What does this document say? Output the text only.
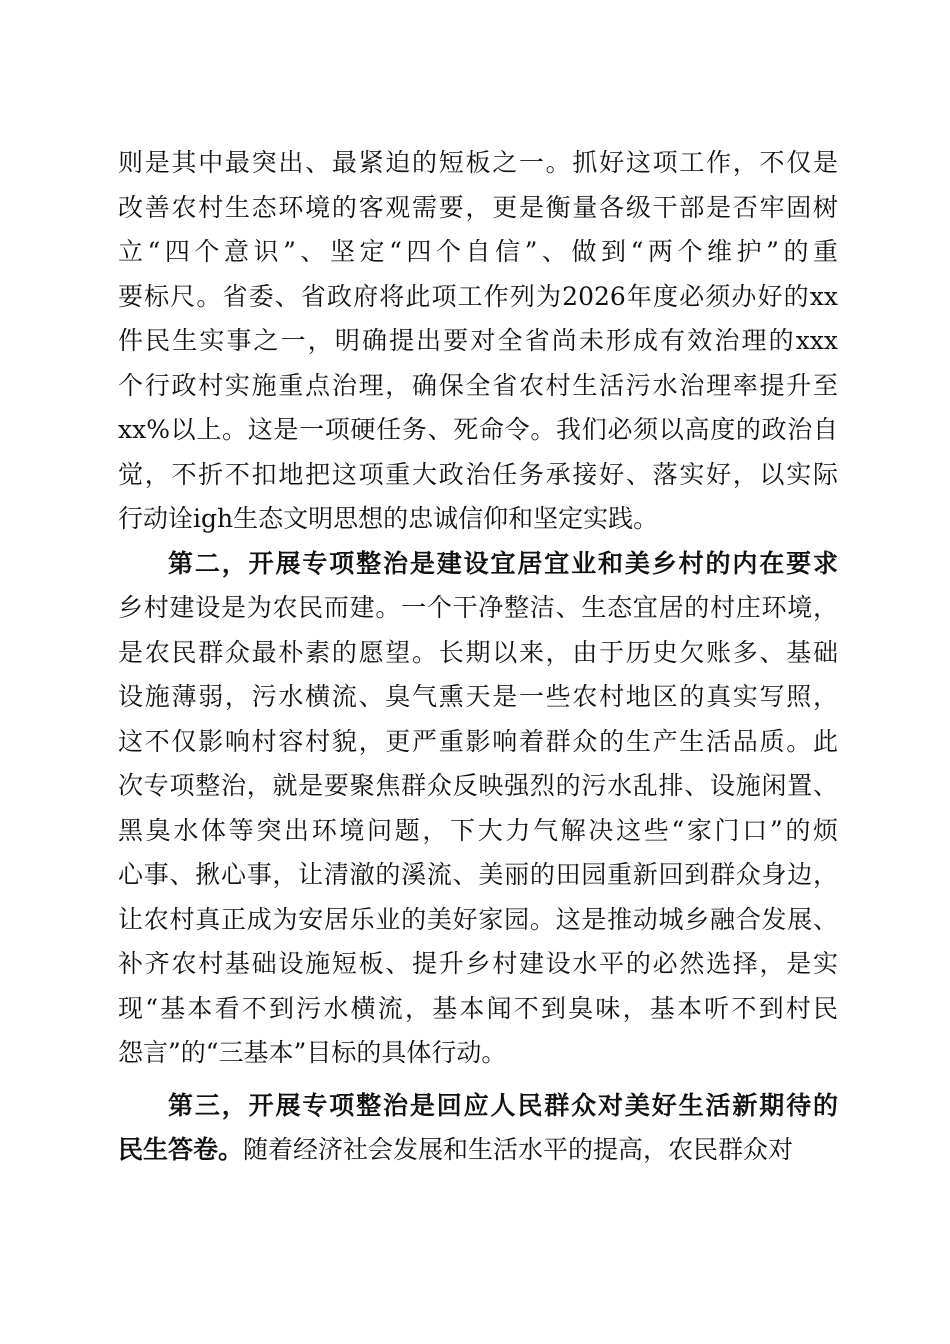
则是其中最突出、最紧迫的短板之一。抓好这项工作，不仅是
改善农村生态环境的客观需要，更是衡量各级干部是否牢固树
立“四个意识”、坚定“四个自信”、做到“两个维护”的重
要标尺。省委、省政府将此项工作列为2026年度必须办好的xx
件民生实事之一，明确提出要对全省尚未形成有效治理的xxx
个行政村实施重点治理，确保全省农村生活污水治理率提升至
xx%以上。这是一项硬任务、死命令。我们必须以高度的政治自
觉，不折不扣地把这项重大政治任务承接好、落实好，以实际
行动诠igh生态文明思想的忠诚信仰和坚定实践。
第二，开展专项整治是建设宜居宜业和美乡村的内在要求
乡村建设是为农民而建。一个干净整洁、生态宜居的村庄环境，
是农民群众最朴素的愿望。长期以来，由于历史欠账多、基础
设施薄弱，污水横流、臭气熏天是一些农村地区的真实写照，
这不仅影响村容村貌，更严重影响着群众的生产生活品质。此
次专项整治，就是要聚焦群众反映强烈的污水乱排、设施闲置、
黑臭水体等突出环境问题，下大力气解决这些“家门口”的烦
心事、揪心事，让清澈的溪流、美丽的田园重新回到群众身边，
让农村真正成为安居乐业的美好家园。这是推动城乡融合发展、
补齐农村基础设施短板、提升乡村建设水平的必然选择，是实
现“基本看不到污水横流，基本闻不到臭味，基本听不到村民
怨言”的“三基本”目标的具体行动。
第三，开展专项整治是回应人民群众对美好生活新期待的
民生答卷。随着经济社会发展和生活水平的提高，农民群众对
